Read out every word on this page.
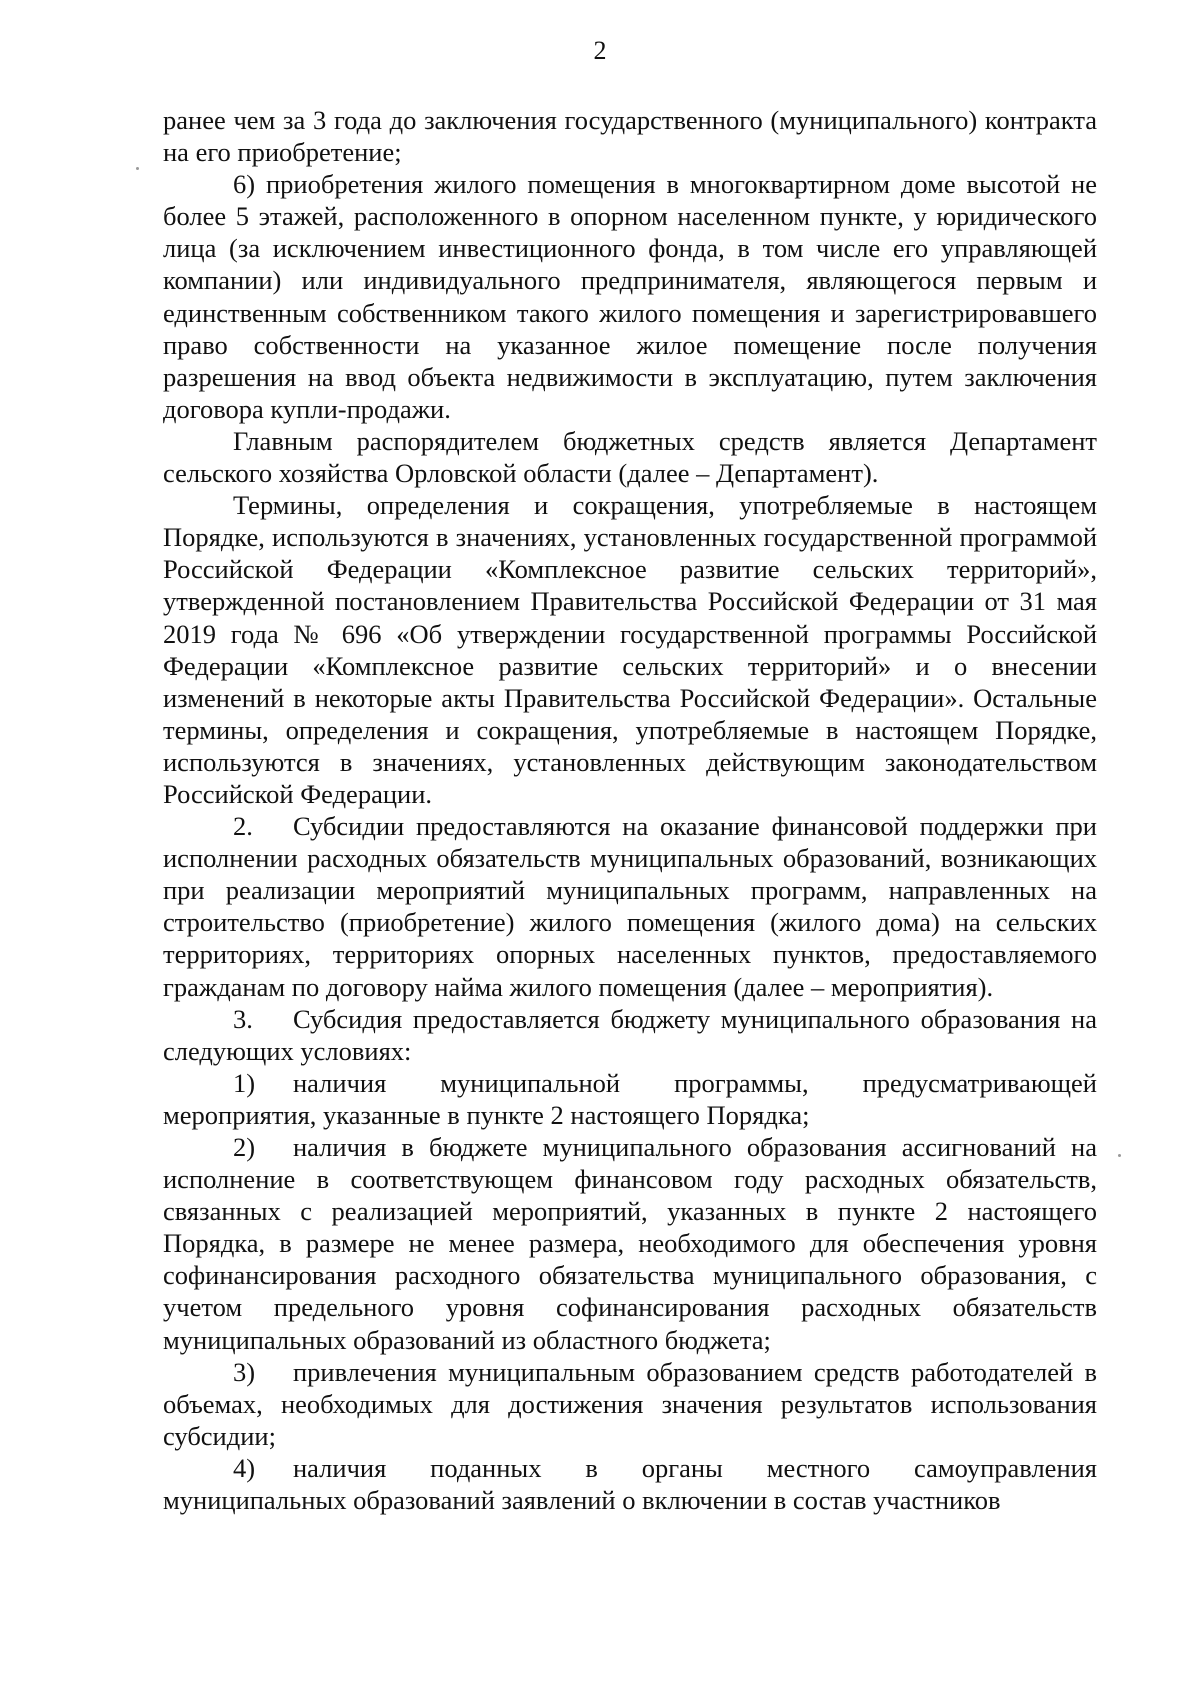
2

ранее чем за 3 года до заключения государственного (муниципального) контракта на его приобретение;

6) приобретения жилого помещения в многоквартирном доме высотой не более 5 этажей, расположенного в опорном населенном пункте, у юридического лица (за исключением инвестиционного фонда, в том числе его управляющей компании) или индивидуального предпринимателя, являющегося первым и единственным собственником такого жилого помещения и зарегистрировавшего право собственности на указанное жилое помещение после получения разрешения на ввод объекта недвижимости в эксплуатацию, путем заключения договора купли-продажи.

Главным распорядителем бюджетных средств является Департамент сельского хозяйства Орловской области (далее – Департамент).

Термины, определения и сокращения, употребляемые в настоящем Порядке, используются в значениях, установленных государственной программой Российской Федерации «Комплексное развитие сельских территорий», утвержденной постановлением Правительства Российской Федерации от 31 мая 2019 года № 696 «Об утверждении государственной программы Российской Федерации «Комплексное развитие сельских территорий» и о внесении изменений в некоторые акты Правительства Российской Федерации». Остальные термины, определения и сокращения, употребляемые в настоящем Порядке, используются в значениях, установленных действующим законодательством Российской Федерации.

2. Субсидии предоставляются на оказание финансовой поддержки при исполнении расходных обязательств муниципальных образований, возникающих при реализации мероприятий муниципальных программ, направленных на строительство (приобретение) жилого помещения (жилого дома) на сельских территориях, территориях опорных населенных пунктов, предоставляемого гражданам по договору найма жилого помещения (далее – мероприятия).

3. Субсидия предоставляется бюджету муниципального образования на следующих условиях:

1) наличия муниципальной программы, предусматривающей мероприятия, указанные в пункте 2 настоящего Порядка;

2) наличия в бюджете муниципального образования ассигнований на исполнение в соответствующем финансовом году расходных обязательств, связанных с реализацией мероприятий, указанных в пункте 2 настоящего Порядка, в размере не менее размера, необходимого для обеспечения уровня софинансирования расходного обязательства муниципального образования, с учетом предельного уровня софинансирования расходных обязательств муниципальных образований из областного бюджета;

3) привлечения муниципальным образованием средств работодателей в объемах, необходимых для достижения значения результатов использования субсидии;

4) наличия поданных в органы местного самоуправления муниципальных образований заявлений о включении в состав участников
